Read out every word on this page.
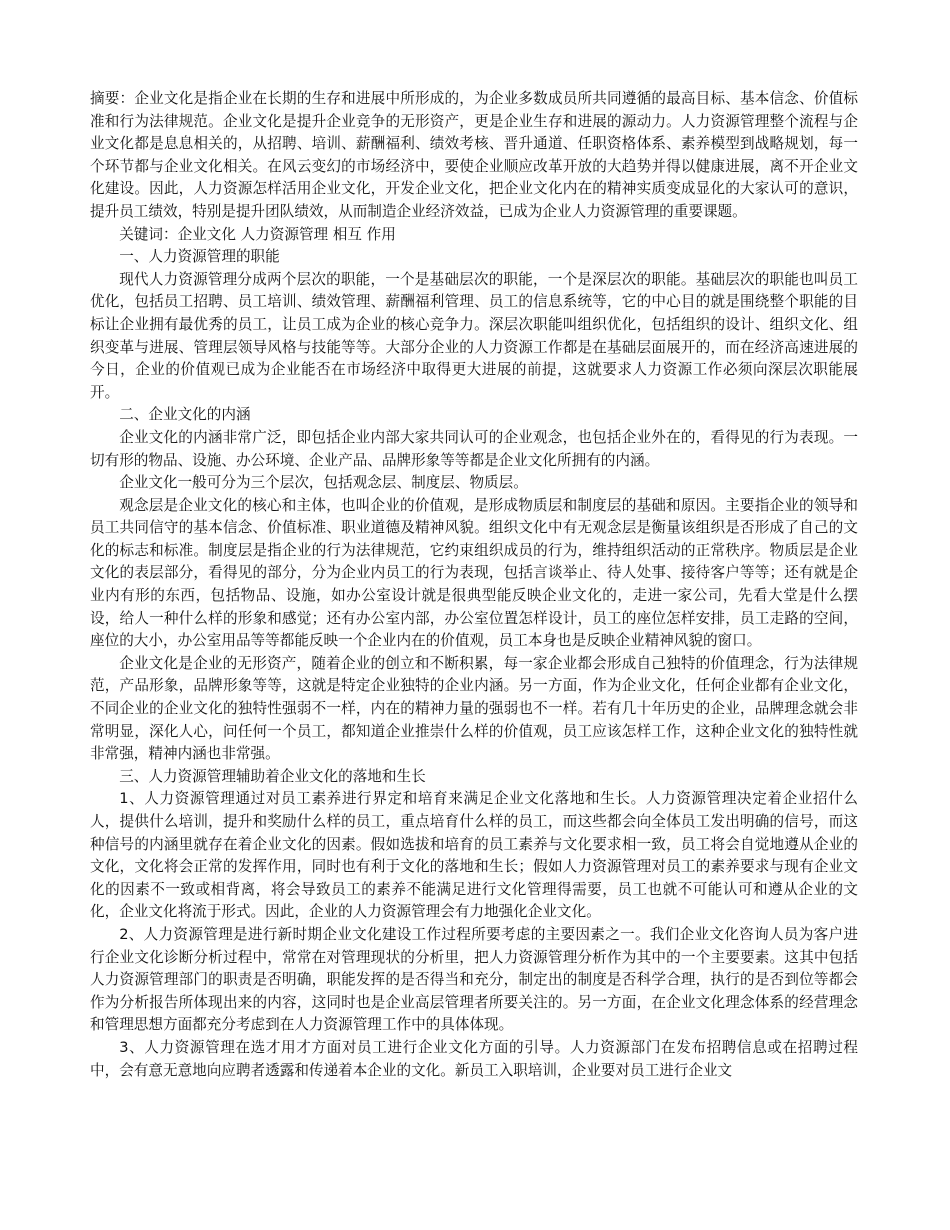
摘要：企业文化是指企业在长期的生存和进展中所形成的，为企业多数成员所共同遵循的最高目标、基本信念、价值标准和行为法律规范。企业文化是提升企业竞争的无形资产，更是企业生存和进展的源动力。人力资源管理整个流程与企业文化都是息息相关的，从招聘、培训、薪酬福利、绩效考核、晋升通道、任职资格体系、素养模型到战略规划，每一个环节都与企业文化相关。在风云变幻的市场经济中，要使企业顺应改革开放的大趋势并得以健康进展，离不开企业文化建设。因此，人力资源怎样活用企业文化，开发企业文化，把企业文化内在的精神实质变成显化的大家认可的意识，提升员工绩效，特别是提升团队绩效，从而制造企业经济效益，已成为企业人力资源管理的重要课题。

关键词：企业文化 人力资源管理 相互 作用

一、人力资源管理的职能

现代人力资源管理分成两个层次的职能，一个是基础层次的职能，一个是深层次的职能。基础层次的职能也叫员工优化，包括员工招聘、员工培训、绩效管理、薪酬福利管理、员工的信息系统等，它的中心目的就是围绕整个职能的目标让企业拥有最优秀的员工，让员工成为企业的核心竞争力。深层次职能叫组织优化，包括组织的设计、组织文化、组织变革与进展、管理层领导风格与技能等等。大部分企业的人力资源工作都是在基础层面展开的，而在经济高速进展的今日，企业的价值观已成为企业能否在市场经济中取得更大进展的前提，这就要求人力资源工作必须向深层次职能展开。

二、企业文化的内涵

企业文化的内涵非常广泛，即包括企业内部大家共同认可的企业观念，也包括企业外在的，看得见的行为表现。一切有形的物品、设施、办公环境、企业产品、品牌形象等等都是企业文化所拥有的内涵。

企业文化一般可分为三个层次，包括观念层、制度层、物质层。

观念层是企业文化的核心和主体，也叫企业的价值观，是形成物质层和制度层的基础和原因。主要指企业的领导和员工共同信守的基本信念、价值标准、职业道德及精神风貌。组织文化中有无观念层是衡量该组织是否形成了自己的文化的标志和标准。制度层是指企业的行为法律规范，它约束组织成员的行为，维持组织活动的正常秩序。物质层是企业文化的表层部分，看得见的部分，分为企业内员工的行为表现，包括言谈举止、待人处事、接待客户等等；还有就是企业内有形的东西，包括物品、设施，如办公室设计就是很典型能反映企业文化的，走进一家公司，先看大堂是什么摆设，给人一种什么样的形象和感觉；还有办公室内部，办公室位置怎样设计，员工的座位怎样安排，员工走路的空间，座位的大小，办公室用品等等都能反映一个企业内在的价值观，员工本身也是反映企业精神风貌的窗口。

企业文化是企业的无形资产，随着企业的创立和不断积累，每一家企业都会形成自己独特的价值理念，行为法律规范，产品形象，品牌形象等等，这就是特定企业独特的企业内涵。另一方面，作为企业文化，任何企业都有企业文化，不同企业的企业文化的独特性强弱不一样，内在的精神力量的强弱也不一样。若有几十年历史的企业，品牌理念就会非常明显，深化人心，问任何一个员工，都知道企业推崇什么样的价值观，员工应该怎样工作，这种企业文化的独特性就非常强，精神内涵也非常强。

三、人力资源管理辅助着企业文化的落地和生长

1、人力资源管理通过对员工素养进行界定和培育来满足企业文化落地和生长。人力资源管理决定着企业招什么人，提供什么培训，提升和奖励什么样的员工，重点培育什么样的员工，而这些都会向全体员工发出明确的信号，而这种信号的内涵里就存在着企业文化的因素。假如选拔和培育的员工素养与文化要求相一致，员工将会自觉地遵从企业的文化，文化将会正常的发挥作用，同时也有利于文化的落地和生长；假如人力资源管理对员工的素养要求与现有企业文化的因素不一致或相背离，将会导致员工的素养不能满足进行文化管理得需要，员工也就不可能认可和遵从企业的文化，企业文化将流于形式。因此，企业的人力资源管理会有力地强化企业文化。

2、人力资源管理是进行新时期企业文化建设工作过程所要考虑的主要因素之一。我们企业文化咨询人员为客户进行企业文化诊断分析过程中，常常在对管理现状的分析里，把人力资源管理分析作为其中的一个主要要素。这其中包括人力资源管理部门的职责是否明确，职能发挥的是否得当和充分，制定出的制度是否科学合理，执行的是否到位等都会作为分析报告所体现出来的内容，这同时也是企业高层管理者所要关注的。另一方面，在企业文化理念体系的经营理念和管理思想方面都充分考虑到在人力资源管理工作中的具体体现。

3、人力资源管理在选才用才方面对员工进行企业文化方面的引导。人力资源部门在发布招聘信息或在招聘过程中，会有意无意地向应聘者透露和传递着本企业的文化。新员工入职培训，企业要对员工进行企业文
